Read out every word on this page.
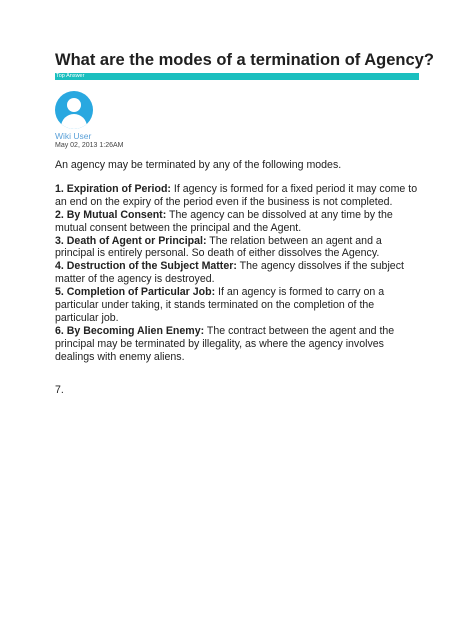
What are the modes of a termination of Agency?
Top Answer
Wiki User
May 02, 2013 1:26AM

An agency may be terminated by any of the following modes.

1. Expiration of Period: If agency is formed for a fixed period it may come to an end on the expiry of the period even if the business is not completed.

2. By Mutual Consent: The agency can be dissolved at any time by the mutual consent between the principal and the Agent.

3. Death of Agent or Principal: The relation between an agent and a principal is entirely personal. So death of either dissolves the Agency.

4. Destruction of the Subject Matter: The agency dissolves if the subject matter of the agency is destroyed.

5. Completion of Particular Job: If an agency is formed to carry on a particular under taking, it stands terminated on the completion of the particular job.

6. By Becoming Alien Enemy: The contract between the agent and the principal may be terminated by illegality, as where the agency involves dealings with enemy aliens.

7.
